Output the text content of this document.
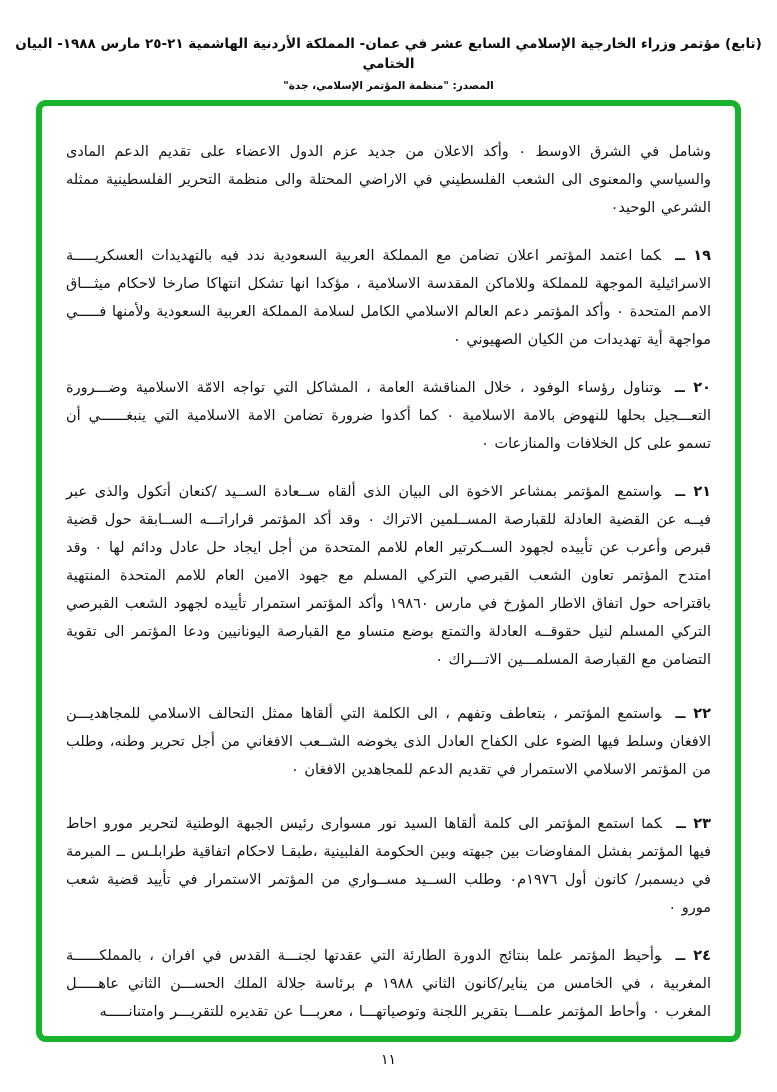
(تابع) مؤتمر وزراء الخارجية الإسلامي السابع عشر في عمان- المملكة الأردنية الهاشمية ٢١-٢٥ مارس ١٩٨٨- البيان الختامي
المصدر: "منظمة المؤتمر الإسلامي، جدة"

وشامل في الشرق الاوسط ٠ وأكد الاعلان من جديد عزم الدول الاعضاء على تقديم الدعم المادى والسياسي والمعنوى الى الشعب الفلسطيني في الاراضي المحتلة والى منظمة التحرير الفلسطينية ممثله الشرعي الوحيد٠

١٩ ــكما اعتمد المؤتمر اعلان تضامن مع المملكة العربية السعودية ندد فيه بالتهديدات العسكريـــــة الاسرائيلية الموجهة للمملكة وللاماكن المقدسة الاسلامية ، مؤكدا انها تشكل انتهاكا صارخا لاحكام ميثـــاق الامم المتحدة ٠ وأكد المؤتمر دعم العالم الاسلامي الكامل لسلامة المملكة العربية السعودية ولأمنها فـــــي مواجهة أية تهديدات من الكيان الصهيوني ٠

٢٠ ــوتناول رؤساء الوفود ، خلال المناقشة العامة ، المشاكل التي تواجه الامّة الاسلامية وضـــرورة التعـــجيل بحلها للنهوض بالامة الاسلامية ٠ كما أكدوا ضرورة تضامن الامة الاسلامية التي ينبغــــــي أن تسمو على كل الخلافات والمنازعات ٠

٢١ ــواستمع المؤتمر بمشاعر الاخوة الى البيان الذى ألقاه ســعادة الســيد /كنعان أتكول والذى عبر فيــه عن القضية العادلة للقبارصة المســلمين الاتراك ٠ وقد أكد المؤتمر قراراتـــه الســابقة حول قضية قبرص وأعرب عن تأييده لجهود الســكرتير العام للامم المتحدة من أجل ايجاد حل عادل ودائم لها ٠ وقد امتدح المؤتمر تعاون الشعب القبرصي التركي المسلم مع جهود الامين العام للامم المتحدة المنتهية باقتراحه حول اتفاق الاطار المؤرخ في مارس ١٩٨٦٠ وأكد المؤتمر استمرار تأييده لجهود الشعب القبرصي التركي المسلم لنيل حقوقــه العادلة والتمتع بوضع متساو مع القبارصة اليونانيين ودعا المؤتمر الى تقوية التضامن مع القبارصة المسلمـــين الاتـــراك ٠

٢٢ ــواستمع المؤتمر ، بتعاطف وتفهم ، الى الكلمة التي ألقاها ممثل التحالف الاسلامي للمجاهديـــن الافغان وسلط فيها الضوء على الكفاح العادل الذى يخوضه الشــعب الافغاني من أجل تحرير وطنه، وطلب من المؤتمر الاسلامي الاستمرار في تقديم الدعم للمجاهدين الافغان ٠

٢٣ ــكما استمع المؤتمر الى كلمة ألقاها السيد نور مسوارى رئيس الجبهة الوطنية لتحرير مورو احاط فيها المؤتمر بفشل المفاوضات بين جبهته وبين الحكومة الفلبينية ،طبقـا لاحكام اتفاقية طرابلـس ــ المبرمة في ديسمبر/ كانون أول ١٩٧٦م٠ وطلب الســيد مســواري من المؤتمر الاستمرار في تأييد قضية شعب مورو ٠

٢٤ ــوأحيط المؤتمر علما بنتائج الدورة الطارئة التي عقدتها لجنـــة القدس في افران ، بالمملكــــــة المغربية ، في الخامس من يناير/كانون الثاني ١٩٨٨ م برئاسة جلالة الملك الحســـن الثاني عاهـــــل المغرب ٠ وأحاط المؤتمر علمـــا بتقرير اللجنة وتوصياتهـــا ، معربـــا عن تقديره للتقريـــر وامتنانـــــه

١١
